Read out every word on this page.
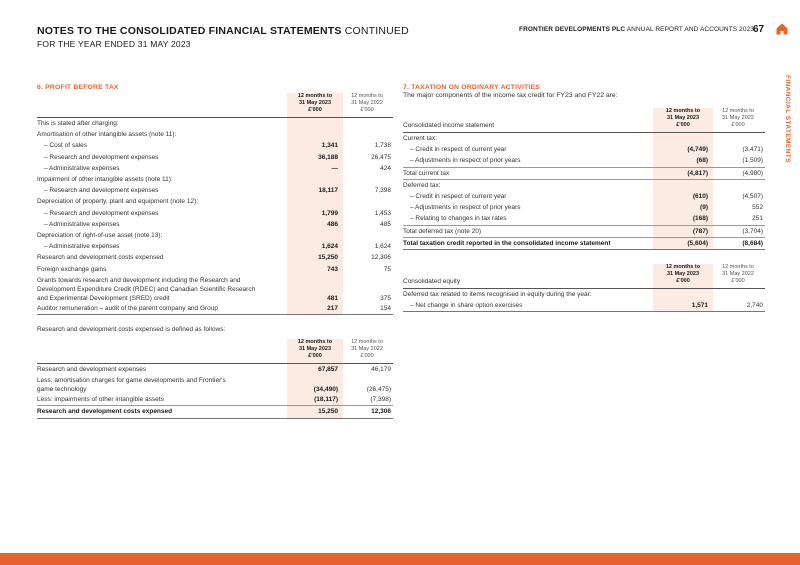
NOTES TO THE CONSOLIDATED FINANCIAL STATEMENTS CONTINUED
FOR THE YEAR ENDED 31 MAY 2023
FRONTIER DEVELOPMENTS PLC ANNUAL REPORT AND ACCOUNTS 2023 67
FINANCIAL STATEMENTS
6. PROFIT BEFORE TAX
	12 months to
31 May 2023
£'000	12 months to
31 May 2022
£'000
This is stated after charging:		
Amortisation of other intangible assets (note 11):		
– Cost of sales	1,341	1,738
– Research and development expenses	36,188	26,475
– Administrative expenses	—	424
Impairment of other intangible assets (note 11):		
– Research and development expenses	18,117	7,398
Depreciation of property, plant and equipment (note 12):		
– Research and development expenses	1,799	1,453
– Administrative expenses	486	485
Depreciation of right-of-use asset (note 13):		
– Administrative expenses	1,624	1,624
Research and development costs expensed	15,250	12,306
Foreign exchange gains	743	75

Grants towards research and development including the Research and
Development Expenditure Credit (RDEC) and Canadian Scientific Research
and Experimental Development (SRED) credit	481	375
Auditor remuneration – audit of the parent company and Group	217	154
Research and development costs expensed is defined as follows:
	12 months to
31 May 2023
£'000	12 months to
31 May 2022
£'000
Research and development expenses	67,857	46,179

Less: amortisation charges for game developments and Frontier's
game technology	(34,490)	(26,475)
Less: impairments of other intangible assets	(18,117)	(7,398)
Research and development costs expensed	15,250	12,306
7. TAXATION ON ORDINARY ACTIVITIES
The major components of the income tax credit for FY23 and FY22 are:
Consolidated income statement	12 months to
31 May 2023
£'000	12 months to
31 May 2022
£'000
Current tax:		
– Credit in respect of current year	(4,749)	(3,471)
– Adjustments in respect of prior years	(68)	(1,509)
Total current tax	(4,817)	(4,980)
Deferred tax:		
– Credit in respect of current year	(610)	(4,507)
– Adjustments in respect of prior years	(9)	552
– Relating to changes in tax rates	(168)	251
Total deferred tax (note 20)	(787)	(3,704)
Total taxation credit reported in the consolidated income statement	(5,604)	(8,684)
Consolidated equity	12 months to
31 May 2023
£'000	12 months to
31 May 2022
£'000
Deferred tax related to items recognised in equity during the year:		
– Net change in share option exercises	1,571	2,740
